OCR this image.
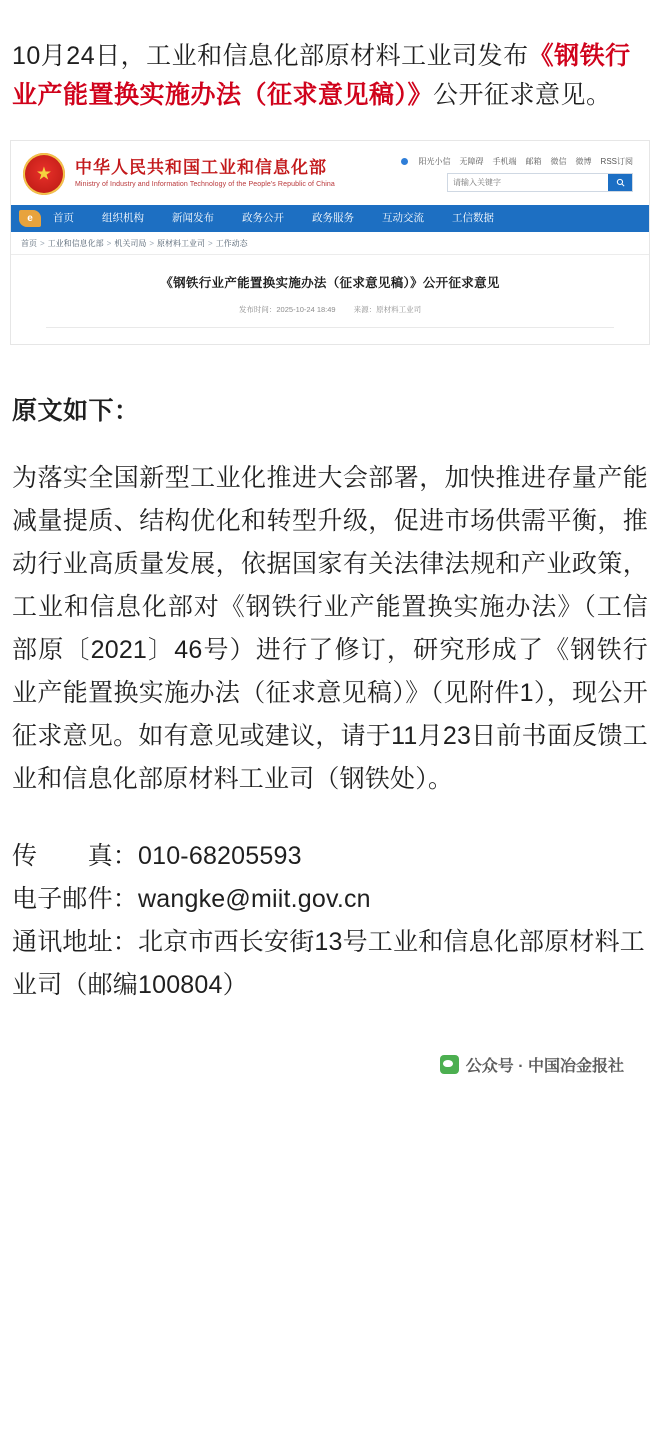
10月24日，工业和信息化部原材料工业司发布《钢铁行业产能置换实施办法（征求意见稿）》公开征求意见。

★
中华人民共和国工业和信息化部
Ministry of Industry and Information Technology of the People's Republic of China
阳光小信 无障碍 手机端 邮箱 微信 微博 RSS订阅
请输入关键字
e	首页	组织机构	新闻发布	政务公开	政务服务	互动交流	工信数据
首页 > 工业和信息化部 > 机关司局 > 原材料工业司 > 工作动态
《钢铁行业产能置换实施办法（征求意见稿）》公开征求意见
发布时间：2025-10-24 18:49 来源：原材料工业司
原文如下：

为落实全国新型工业化推进大会部署，加快推进存量产能减量提质、结构优化和转型升级，促进市场供需平衡，推动行业高质量发展，依据国家有关法律法规和产业政策，工业和信息化部对《钢铁行业产能置换实施办法》（工信部原〔2021〕46号）进行了修订，研究形成了《钢铁行业产能置换实施办法（征求意见稿）》（见附件1），现公开征求意见。如有意见或建议，请于11月23日前书面反馈工业和信息化部原材料工业司（钢铁处）。

传　　真：010-68205593
电子邮件：wangke@miit.gov.cn
通讯地址：北京市西长安街13号工业和信息化部原材料工业司（邮编100804）
公众号 · 中国冶金报社
